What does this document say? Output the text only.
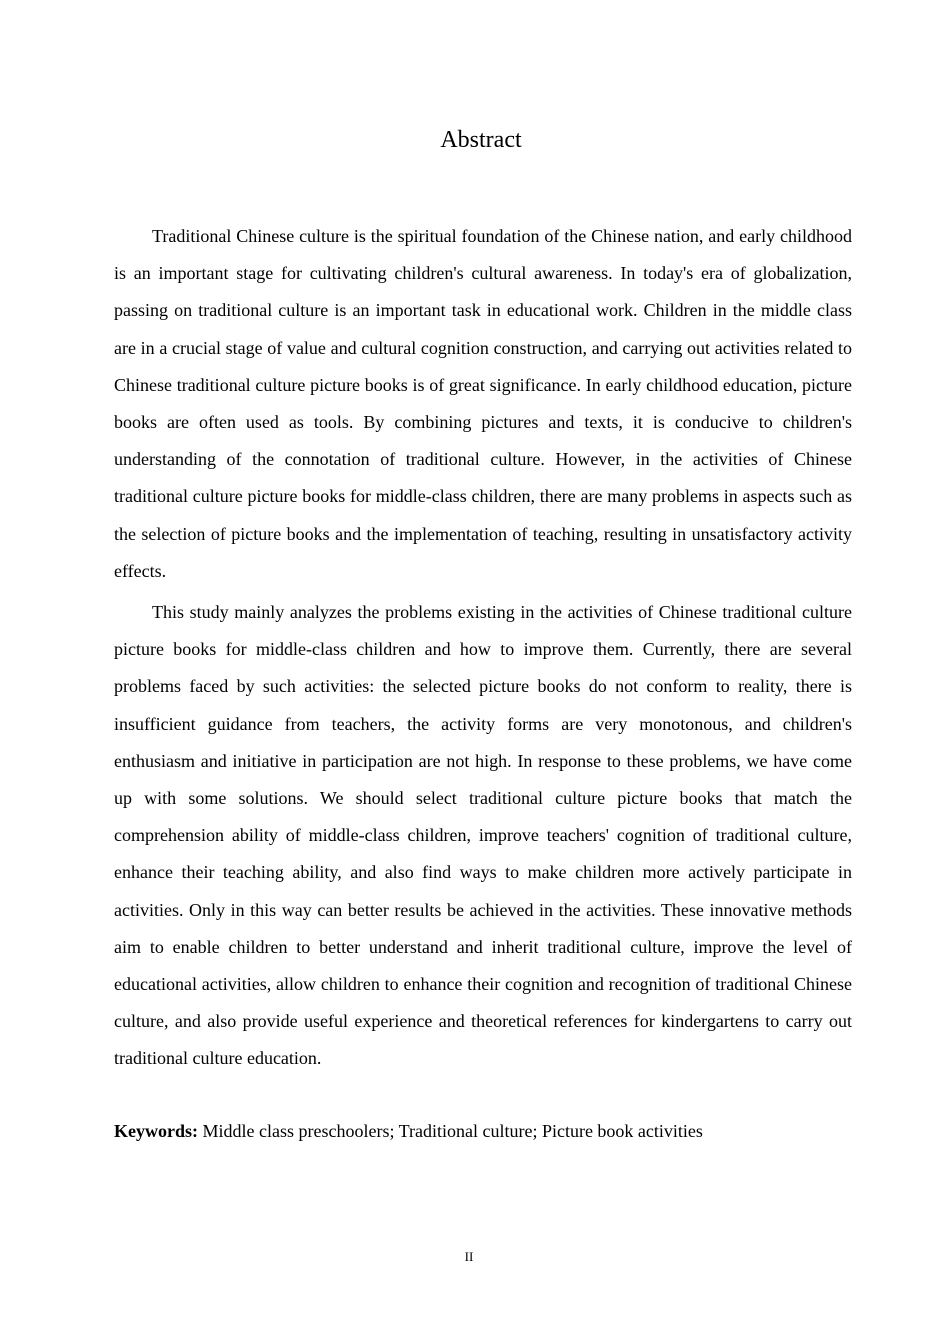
Abstract

Traditional Chinese culture is the spiritual foundation of the Chinese nation, and early childhood is an important stage for cultivating children's cultural awareness. In today's era of globalization, passing on traditional culture is an important task in educational work. Children in the middle class are in a crucial stage of value and cultural cognition construction, and carrying out activities related to Chinese traditional culture picture books is of great significance. In early childhood education, picture books are often used as tools. By combining pictures and texts, it is conducive to children's understanding of the connotation of traditional culture. However, in the activities of Chinese traditional culture picture books for middle-class children, there are many problems in aspects such as the selection of picture books and the implementation of teaching, resulting in unsatisfactory activity effects.

This study mainly analyzes the problems existing in the activities of Chinese traditional culture picture books for middle-class children and how to improve them. Currently, there are several problems faced by such activities: the selected picture books do not conform to reality, there is insufficient guidance from teachers, the activity forms are very monotonous, and children's enthusiasm and initiative in participation are not high. In response to these problems, we have come up with some solutions. We should select traditional culture picture books that match the comprehension ability of middle-class children, improve teachers' cognition of traditional culture, enhance their teaching ability, and also find ways to make children more actively participate in activities. Only in this way can better results be achieved in the activities. These innovative methods aim to enable children to better understand and inherit traditional culture, improve the level of educational activities, allow children to enhance their cognition and recognition of traditional Chinese culture, and also provide useful experience and theoretical references for kindergartens to carry out traditional culture education.

Keywords: Middle class preschoolers; Traditional culture; Picture book activities

II
